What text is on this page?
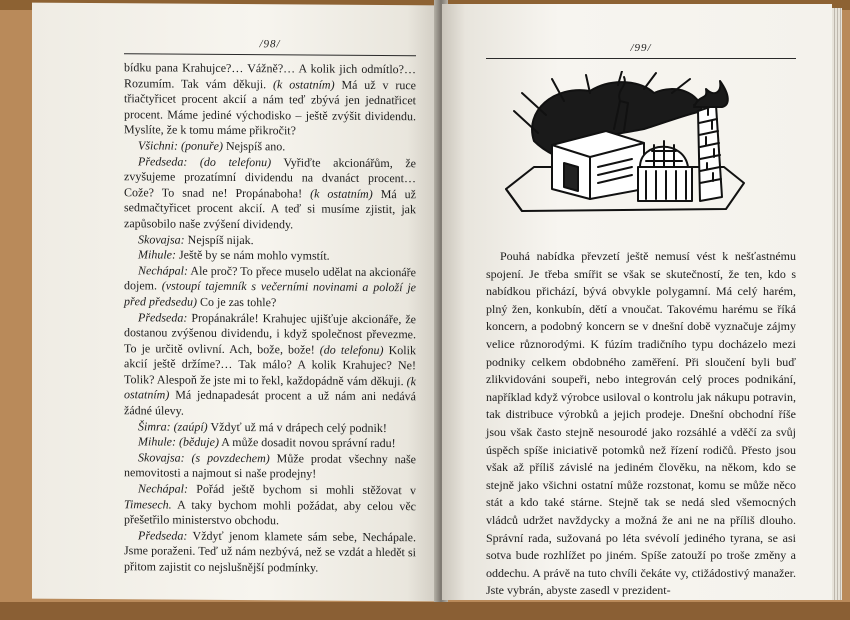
/98/

bídku pana Krahujce?… Vážně?… A kolik jich odmítlo?… Rozumím. Tak vám děkuji. (k ostatním) Má už v ruce třiačtyřicet procent akcií a nám teď zbývá jen jednatřicet procent. Máme jediné východisko – ještě zvýšit dividendu. Myslíte, že k tomu máme přikročit?

Všichni: (ponuře) Nejspíš ano.

Předseda: (do telefonu) Vyřiďte akcionářům, že zvyšujeme prozatímní dividendu na dvanáct procent… Cože? To snad ne! Propánaboha! (k ostatním) Má už sedmačtyřicet procent akcií. A teď si musíme zjistit, jak zapůsobilo naše zvýšení dividendy.

Skovajsa: Nejspíš nijak.

Mihule: Ještě by se nám mohlo vymstít.

Nechápal: Ale proč? To přece muselo udělat na akcionáře dojem. (vstoupí tajemník s večerními novinami a položí je před předsedu) Co je zas tohle?

Předseda: Propánakrále! Krahujec ujišťuje akcionáře, že dostanou zvýšenou dividendu, i když společnost převezme. To je určitě ovlivní. Ach, bože, bože! (do telefonu) Kolik akcií ještě držíme?… Tak málo? A kolik Krahujec? Ne! Tolik? Alespoň že jste mi to řekl, každopádně vám děkuji. (k ostatním) Má jednapadesát procent a už nám ani nedává žádné úlevy.

Šimra: (zaúpí) Vždyť už má v drápech celý podnik!

Mihule: (běduje) A může dosadit novou správní radu!

Skovajsa: (s povzdechem) Může prodat všechny naše nemovitosti a najmout si naše prodejny!

Nechápal: Pořád ještě bychom si mohli stěžovat v Timesech. A taky bychom mohli požádat, aby celou věc přešetřilo ministerstvo obchodu.

Předseda: Vždyť jenom klamete sám sebe, Nechápale. Jsme poraženi. Teď už nám nezbývá, než se vzdát a hledět si přitom zajistit co nejslušnější podmínky.

/99/

Pouhá nabídka převzetí ještě nemusí vést k nešťastnému spojení. Je třeba smířit se však se skutečností, že ten, kdo s nabídkou přichází, bývá obvykle polygamní. Má celý harém, plný žen, konkubín, dětí a vnoučat. Takovému harému se říká koncern, a podobný koncern se v dnešní době vyznačuje zájmy velice různorodými. K fúzím tradičního typu docházelo mezi podniky celkem obdobného zaměření. Při sloučení byli buď zlikvidováni soupeři, nebo integrován celý proces podnikání, například když výrobce usiloval o kontrolu jak nákupu potravin, tak distribuce výrobků a jejich prodeje. Dnešní obchodní říše jsou však často stejně nesourodé jako rozsáhlé a vděčí za svůj úspěch spíše iniciativě potomků než řízení rodičů. Přesto jsou však až příliš závislé na jediném člověku, na někom, kdo se stejně jako všichni ostatní může rozstonat, komu se může něco stát a kdo také stárne. Stejně tak se nedá sled všemocných vládců udržet navždycky a možná že ani ne na příliš dlouho. Správní rada, sužovaná po léta svévolí jediného tyrana, se asi sotva bude rozhlížet po jiném. Spíše zatouží po troše změny a oddechu. A právě na tuto chvíli čekáte vy, ctižádostivý manažer. Jste vybrán, abyste zasedl v prezident-
